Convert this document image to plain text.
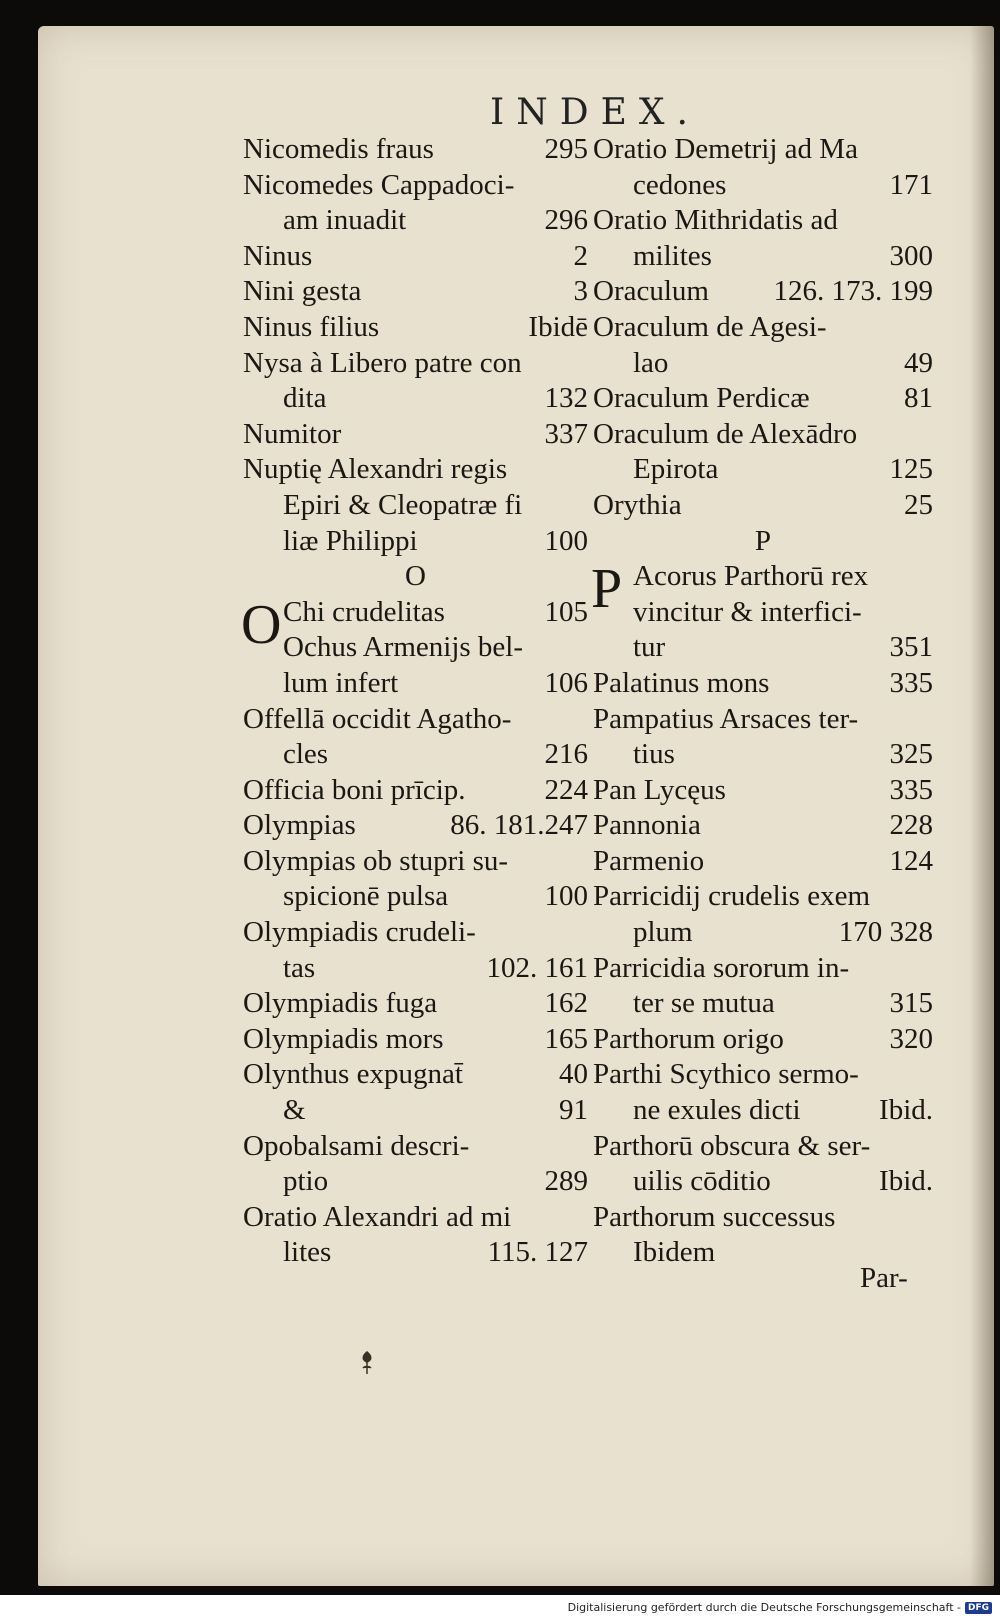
INDEX.
Nicomedis fraus	295
Nicomedes Cappadoci-
am inuadit	296
Ninus	2
Nini gesta	3
Ninus filius	Ibidē
Nysa à Libero patre con
dita	132
Numitor	337
Nuptię Alexandri regis
Epiri & Cleopatræ fi
liæ Philippi	100
O
O Chi crudelitas	105
Ochus Armeniјs bel-
lum infert	106
Offellā occidit Agatho-
cles	216
Officia boni prīcip.	224
Olympias	86. 181.247
Olympias ob stupri su-
spicionē pulsa	100
Olympiadis crudeli-
tas	102. 161
Olympiadis fuga	162
Olympiadis mors	165
Olynthus expugnat̄	40
&	91
Opobalsami descri-
ptio	289
Oratio Alexandri ad mi
lites	115. 127
Oratio Demetriј ad Ma
cedones	171
Oratio Mithridatis ad
milites	300
Oraculum 126. 173. 199
Oraculum de Agesi-
lao	49
Oraculum Perdicæ	81
Oraculum de Alexādro
Epirota	125
Orythia	25
P
P Acorus Parthorū rex
vincitur & interfici-
tur	351
Palatinus mons	335
Pampatius Arsaces ter-
tius	325
Pan Lycęus	335
Pannonia	228
Parmenio	124
Parricidiј crudelis exem
plum	170 328
Parricidia sororum in-
ter se mutua	315
Parthorum origo	320
Parthi Scythico sermo-
ne exules dicti	Ibid.
Parthorū obscura & ser-
uilis cōditio	Ibid.
Parthorum successus
Ibidem
Par-
Digitalisierung gefördert durch die Deutsche Forschungsgemeinschaft - DFG
